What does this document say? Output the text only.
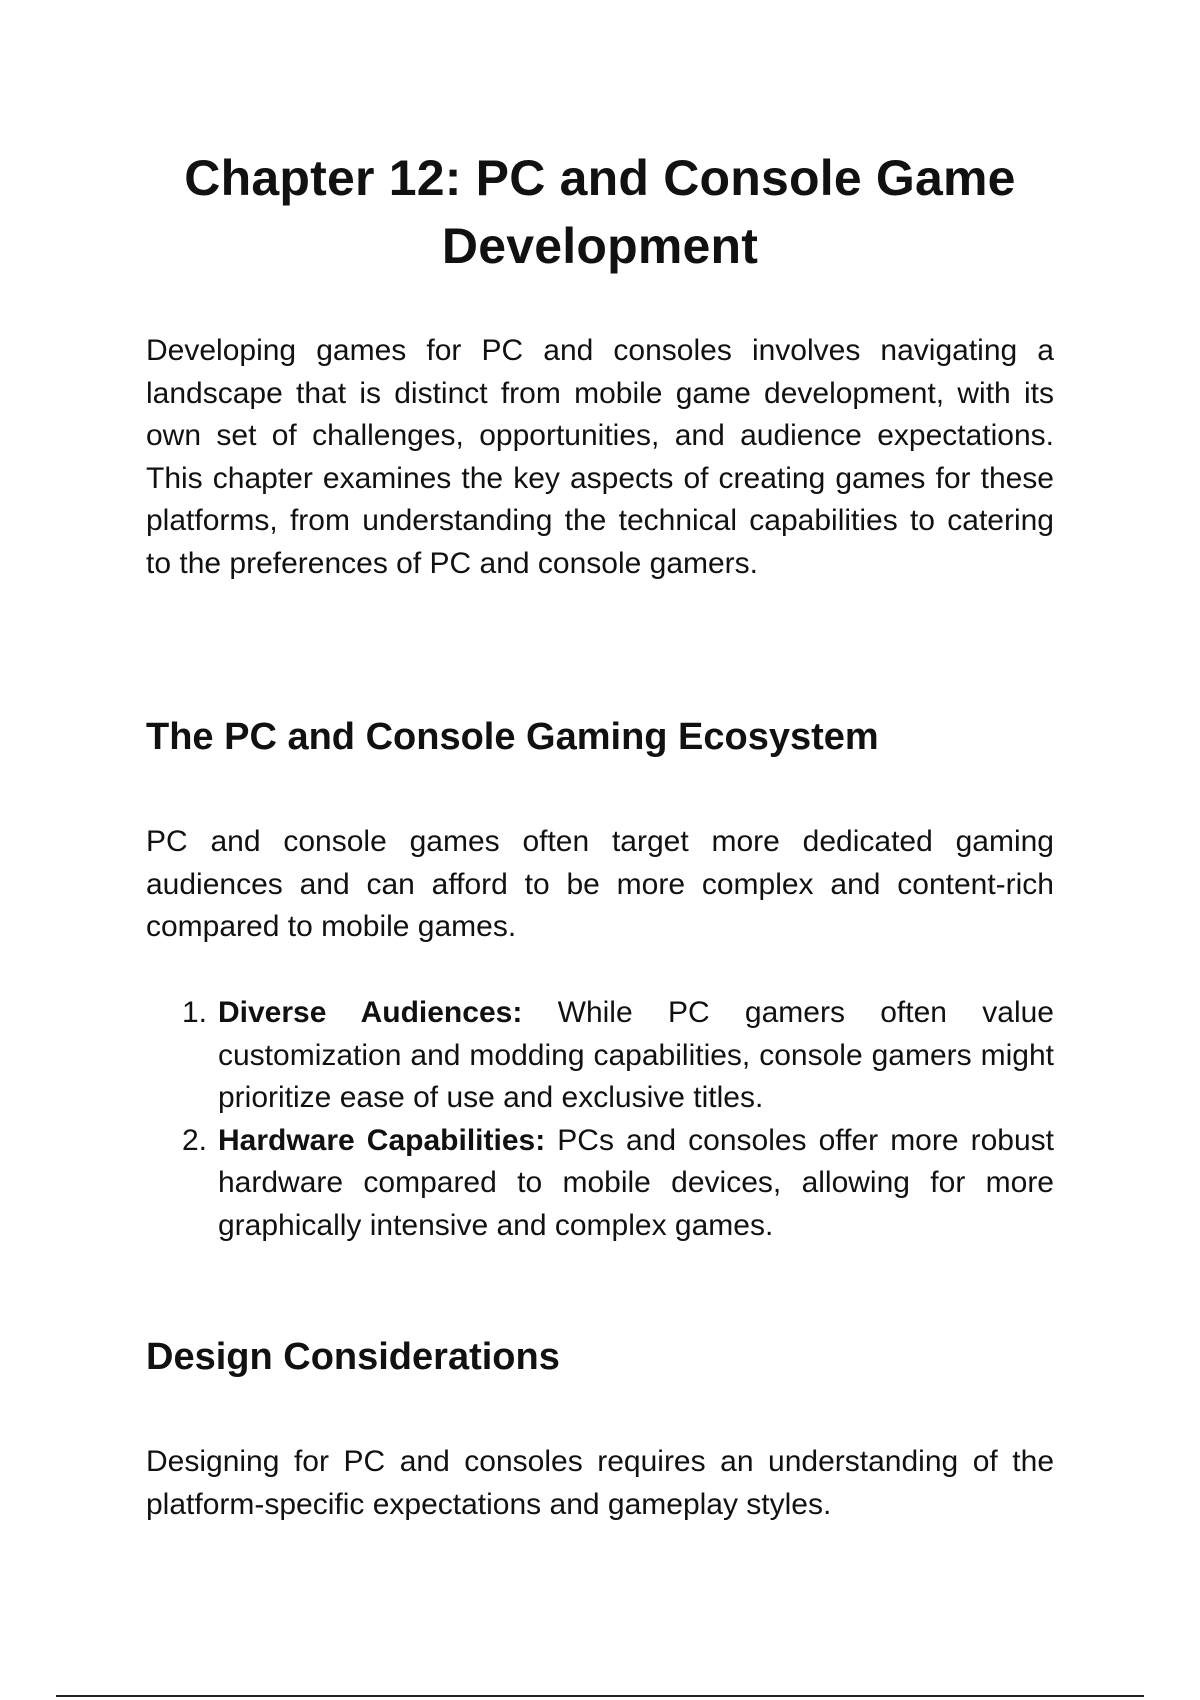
Chapter 12: PC and Console Game Development

Developing games for PC and consoles involves navigating a landscape that is distinct from mobile game development, with its own set of challenges, opportunities, and audience expectations. This chapter examines the key aspects of creating games for these platforms, from understanding the technical capabilities to catering to the preferences of PC and console gamers.

The PC and Console Gaming Ecosystem

PC and console games often target more dedicated gaming audiences and can afford to be more complex and content-rich compared to mobile games.

1. Diverse Audiences: While PC gamers often value customization and modding capabilities, console gamers might prioritize ease of use and exclusive titles.
2. Hardware Capabilities: PCs and consoles offer more robust hardware compared to mobile devices, allowing for more graphically intensive and complex games.
Design Considerations

Designing for PC and consoles requires an understanding of the platform-specific expectations and gameplay styles.
